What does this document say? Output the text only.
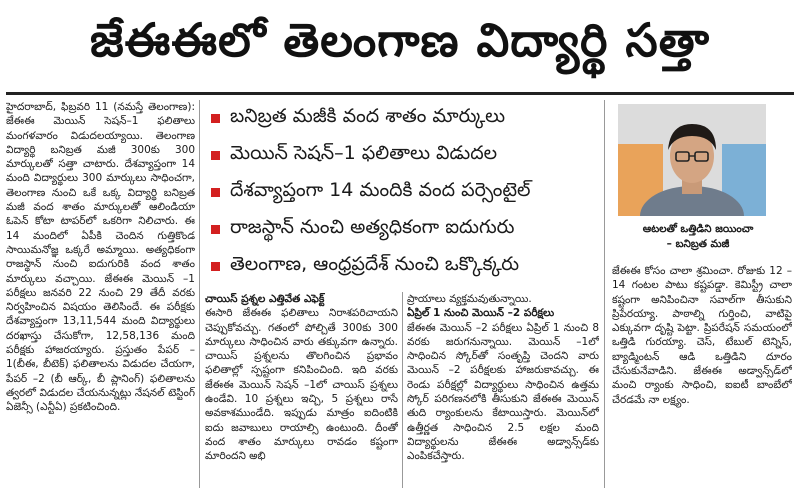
జేఈఈలో తెలంగాణ విద్యార్థి సత్తా

హైదరాబాద్, ఫిబ్రవరి 11 (నమస్తే తెలంగాణ): జేఈఈ మెయిన్ సెషన్–1 ఫలితాలు మంగళవారం విడుదలయ్యాయి. తెలంగాణ విద్యార్థి బనిబ్రత మజీ 300కు 300 మార్కులతో సత్తా చాటారు. దేశవ్యాప్తంగా 14 మంది విద్యార్థులు 300 మార్కులు సాధించగా, తెలంగాణ నుంచి ఒకే ఒక్క విద్యార్థి బనిబ్రత మజీ వంద శాతం మార్కులతో ఆలిండియా ఓపెన్ కోటా టాపర్‌లో ఒకరిగా నిలిచారు. ఈ 14 మందిలో ఏపీకి చెందిన గుత్తికొండ సాయిమనోజ్ఞ ఒక్కరే అమ్మాయి. అత్యధికంగా రాజస్థాన్ నుంచి ఐదుగురికి వంద శాతం మార్కులు వచ్చాయి. జేఈఈ మెయిన్ –1 పరీక్షలు జనవరి 22 నుంచి 29 తేదీ వరకు నిర్వహించిన విషయం తెలిసిందే. ఈ పరీక్షకు దేశవ్యాప్తంగా 13,11,544 మంది విద్యార్థులు దరఖాస్తు చేసుకోగా, 12,58,136 మంది పరీక్షకు హాజరయ్యారు. ప్రస్తుతం పేపర్ –1(బీఈ, బీటెక్) ఫలితాలను విడుదల చేయగా, పేపర్ –2 (బీ ఆర్క్, బీ ప్లానింగ్) ఫలితాలను త్వరలో విడుదల చేయనున్నట్లు నేషనల్ టెస్టింగ్ ఏజెన్సీ (ఎన్టీఏ) ప్రకటించింది.

బనిబ్రత మజీకి వంద శాతం మార్కులు
మెయిన్ సెషన్–1 ఫలితాలు విడుదల
దేశవ్యాప్తంగా 14 మందికి వంద పర్సెంటైల్
రాజస్థాన్ నుంచి అత్యధికంగా ఐదుగురు
తెలంగాణ, ఆంధ్రప్రదేశ్ నుంచి ఒక్కొక్కరు

చాయిస్ ప్రశ్నల ఎత్తివేత ఎఫెక్ట్

ఈసారి జేఈఈ ఫలితాలు నిరాశపరిచాయని చెప్పుకోవచ్చు. గతంలో పోల్చితే 300కు 300 మార్కులు సాధించిన వారు తక్కువగా ఉన్నారు. చాయిస్ ప్రశ్నలను తొలగించిన ప్రభావం ఫలితాల్లో స్పష్టంగా కనిపించింది. ఇది వరకు జేఈఈ మెయిన్ సెషన్ –1లో చాయిస్ ప్రశ్నలు ఉండేవి. 10 ప్రశ్నలు ఇచ్చి, 5 ప్రశ్నలు రాసే అవకాశముండేది. ఇప్పుడు మాత్రం ఐదింటికి ఐదు జవాబులు రాయాల్సి ఉంటుంది. దీంతో వంద శాతం మార్కులు రావడం కష్టంగా మారిందని అభి

ప్రాయాలు వ్యక్తమవుతున్నాయి.

ఏప్రిల్ 1 నుంచి మెయిన్ –2 పరీక్షలు

జేఈఈ మెయిన్ –2 పరీక్షలు ఏప్రిల్ 1 నుంచి 8 వరకు జరుగనున్నాయి. మెయిన్ –1లో సాధించిన స్కోర్‌తో సంతృప్తి చెందని వారు మెయిన్ –2 పరీక్షలకు హాజరుకావచ్చు. ఈ రెండు పరీక్షల్లో విద్యార్థులు సాధించిన ఉత్తమ స్కోర్ పరిగణనలోకి తీసుకుని జేఈఈ మెయిన్ తుది ర్యాంకులను కేటాయిస్తారు. మెయిన్‌లో ఉత్తీర్ణత సాధించిన 2.5 లక్షల మంది విద్యార్థులను జేఈఈ అడ్వాన్స్‌డ్‌కు ఎంపికచేస్తారు.

ఆటలతో ఒత్తిడిని జయించా
– బనిబ్రత మజీ

జేఈఈ కోసం చాలా శ్రమించా. రోజుకు 12 –14 గంటల పాటు కష్టపడ్డా. కెమిస్ట్రీ చాలా కష్టంగా అనిపించినా సవాల్‌గా తీసుకుని ప్రిపేరయ్యా. పాఠాల్ని గుర్తించి, వాటిపై ఎక్కువగా దృష్టి పెట్టా. ప్రిపరేషన్ సమయంలో ఒత్తిడి గురయ్యా. చెస్, టేబుల్ టెన్నిస్, బ్యాడ్మింటన్ ఆడి ఒత్తిడిని దూరం చేసుకునేవాడిని. జేఈఈ అడ్వాన్స్‌డ్‌లో మంచి ర్యాంకు సాధించి, ఐఐటీ బాంబేలో చేరడమే నా లక్ష్యం.
